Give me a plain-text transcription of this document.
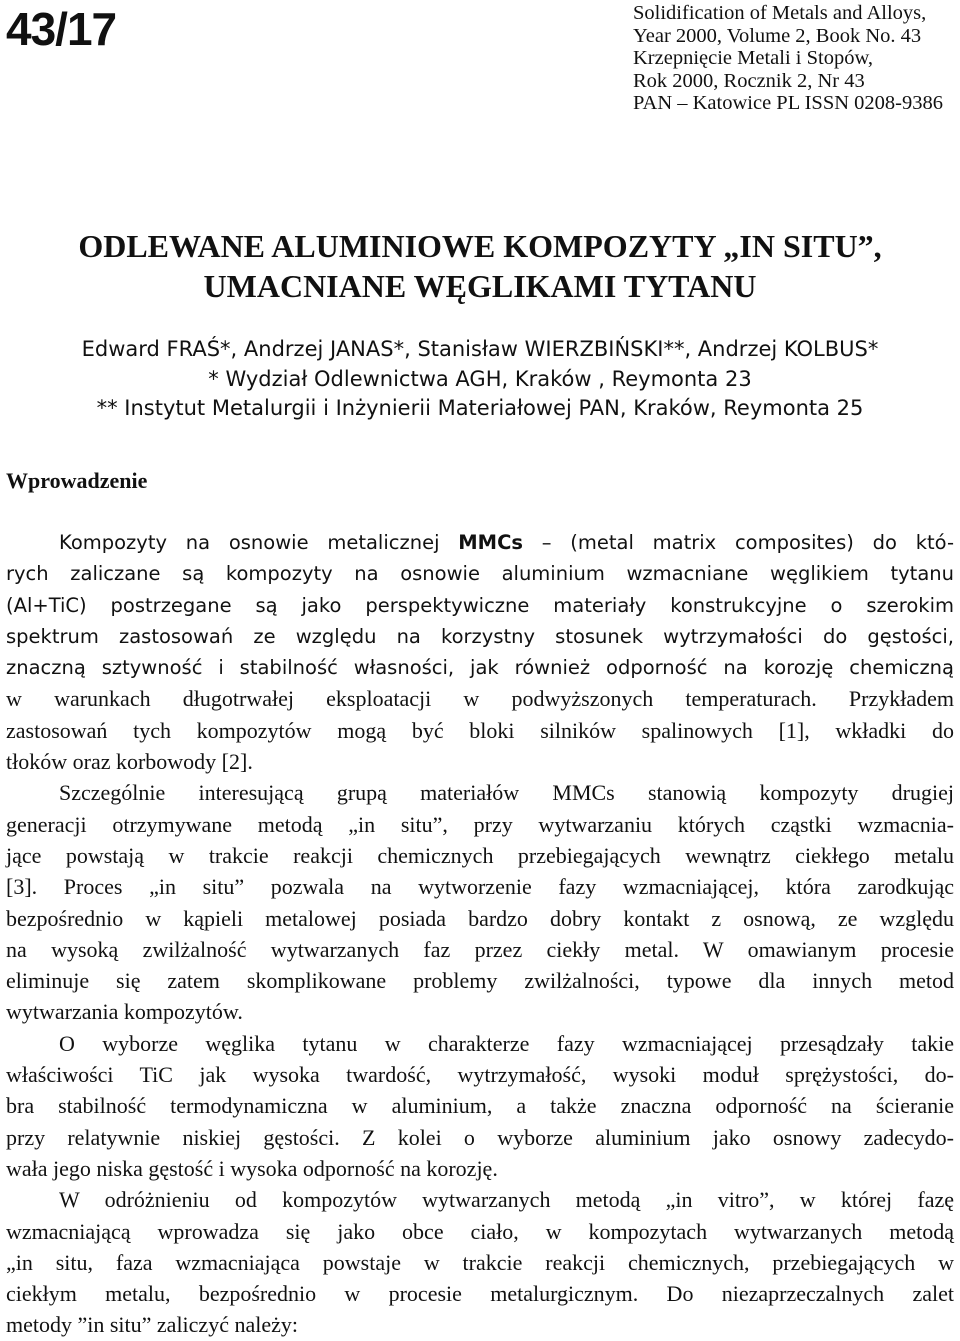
43/17	Solidification of Metals and Alloys,
Year 2000, Volume 2, Book No. 43
Krzepnięcie Metali i Stopów,
Rok 2000, Rocznik 2, Nr 43
PAN – Katowice PL ISSN 0208-9386
ODLEWANE ALUMINIOWE KOMPOZYTY „IN SITU”,
UMACNIANE WĘGLIKAMI TYTANU
Edward FRAŚ*, Andrzej JANAS*, Stanisław WIERZBIŃSKI**, Andrzej KOLBUS*
* Wydział Odlewnictwa AGH, Kraków , Reymonta 23
** Instytut Metalurgii i Inżynierii Materiałowej PAN, Kraków, Reymonta 25
Wprowadzenie
Kompozyty na osnowie metalicznej MMCs – (metal matrix composites) do któ-
rych zaliczane są kompozyty na osnowie aluminium wzmacniane węglikiem tytanu
(Al+TiC) postrzegane są jako perspektywiczne materiały konstrukcyjne o szerokim
spektrum zastosowań ze względu na korzystny stosunek wytrzymałości do gęstości,
znaczną sztywność i stabilność własności, jak również odporność na korozję chemiczną
w warunkach długotrwałej eksploatacji w podwyższonych temperaturach. Przykładem
zastosowań tych kompozytów mogą być bloki silników spalinowych [1], wkładki do
tłoków oraz korbowody [2].
Szczególnie interesującą grupą materiałów MMCs stanowią kompozyty drugiej
generacji otrzymywane metodą „in situ”, przy wytwarzaniu których cząstki wzmacnia-
jące powstają w trakcie reakcji chemicznych przebiegających wewnątrz ciekłego metalu
[3]. Proces „in situ” pozwala na wytworzenie fazy wzmacniającej, która zarodkując
bezpośrednio w kąpieli metalowej posiada bardzo dobry kontakt z osnową, ze względu
na wysoką zwilżalność wytwarzanych faz przez ciekły metal. W omawianym procesie
eliminuje się zatem skomplikowane problemy zwilżalności, typowe dla innych metod
wytwarzania kompozytów.
O wyborze węglika tytanu w charakterze fazy wzmacniającej przesądzały takie
właściwości TiC jak wysoka twardość, wytrzymałość, wysoki moduł sprężystości, do-
bra stabilność termodynamiczna w aluminium, a także znaczna odporność na ścieranie
przy relatywnie niskiej gęstości. Z kolei o wyborze aluminium jako osnowy zadecydo-
wała jego niska gęstość i wysoka odporność na korozję.
W odróżnieniu od kompozytów wytwarzanych metodą „in vitro”, w której fazę
wzmacniającą wprowadza się jako obce ciało, w kompozytach wytwarzanych metodą
„in situ, faza wzmacniająca powstaje w trakcie reakcji chemicznych, przebiegających w
ciekłym metalu, bezpośrednio w procesie metalurgicznym. Do niezaprzeczalnych zalet
metody ”in situ” zaliczyć należy:
